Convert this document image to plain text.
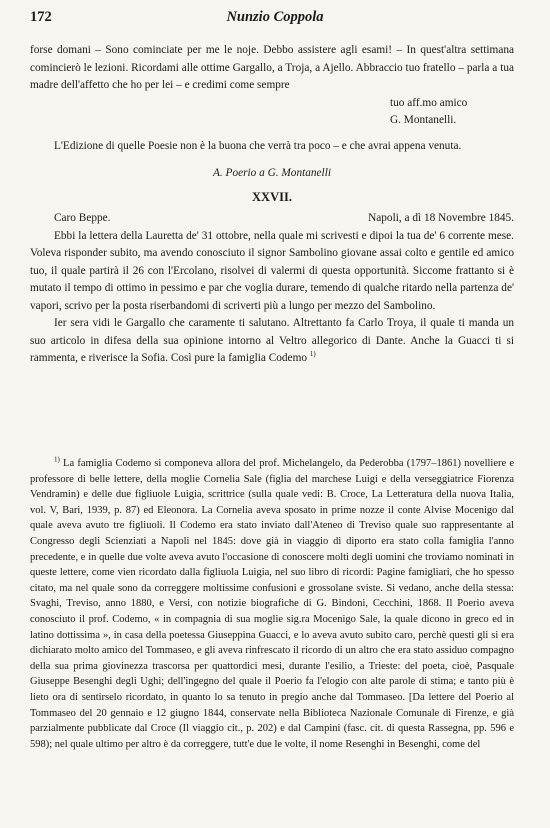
172	Nunzio Coppola

forse domani – Sono cominciate per me le noje. Debbo assistere agli esami! – In quest'altra settimana comincierò le lezioni. Ricordami alle ottime Gargallo, a Troja, a Ajello. Abbraccio tuo fratello – parla a tua madre dell'affetto che ho per lei – e credimi come sempre

tuo aff.mo amico

G. Montanelli.

L'Edizione di quelle Poesie non è la buona che verrà tra poco – e che avrai appena venuta.

A. Poerio a G. Montanelli

XXVII.

Caro Beppe.	Napoli, a dì 18 Novembre 1845.

Ebbi la lettera della Lauretta de' 31 ottobre, nella quale mi scrivesti e dipoi la tua de' 6 corrente mese. Voleva risponder subito, ma avendo conosciuto il signor Sambolino giovane assai colto e gentile ed amico tuo, il quale partirà il 26 con l'Ercolano, risolvei di valermi di questa opportunità. Siccome frattanto si è mutato il tempo di ottimo in pessimo e par che voglia durare, temendo di qualche ritardo nella partenza de' vapori, scrivo per la posta riserbandomi di scriverti più a lungo per mezzo del Sambolino.

Ier sera vidi le Gargallo che caramente ti salutano. Altrettanto fa Carlo Troya, il quale ti manda un suo articolo in difesa della sua opinione intorno al Veltro allegorico di Dante. Anche la Guacci ti si rammenta, e riverisce la Sofia. Così pure la famiglia Codemo $^{1)}$

$^{1)}$ La famiglia Codemo si componeva allora del prof. Michelangelo, da Pederobba (1797–1861) novelliere e professore di belle lettere, della moglie Cornelia Sale (figlia del marchese Luigi e della verseggiatrice Fiorenza Vendramin) e delle due figliuole Luigia, scrittrice (sulla quale vedi: B. Croce, La Letteratura della nuova Italia, vol. V, Bari, 1939, p. 87) ed Eleonora. La Cornelia aveva sposato in prime nozze il conte Alvise Mocenigo dal quale aveva avuto tre figliuoli. Il Codemo era stato inviato dall'Ateneo di Treviso quale suo rappresentante al Congresso degli Scienziati a Napoli nel 1845: dove già in viaggio di diporto era stato colla famiglia l'anno precedente, e in quelle due volte aveva avuto l'occasione di conoscere molti degli uomini che troviamo nominati in queste lettere, come vien ricordato dalla figliuola Luigia, nel suo libro di ricordi: Pagine famigliari, che ho spesso citato, ma nel quale sono da correggere moltissime confusioni e grossolane sviste. Si vedano, anche della stessa: Svaghi, Treviso, anno 1880, e Versi, con notizie biografiche di G. Bindoni, Cecchini, 1868. Il Poerio aveva conosciuto il prof. Codemo, « in compagnia di sua moglie sig.ra Mocenigo Sale, la quale dicono in greco ed in latino dottissima », in casa della poetessa Giuseppina Guacci, e lo aveva avuto subito caro, perchè questi gli si era dichiarato molto amico del Tommaseo, e gli aveva rinfrescato il ricordo di un altro che era stato assiduo compagno della sua prima giovinezza trascorsa per quattordici mesi, durante l'esilio, a Trieste: del poeta, cioè, Pasquale Giuseppe Besenghi degli Ughi; dell'ingegno del quale il Poerio fa l'elogio con alte parole di stima; e tanto più è lieto ora di sentirselo ricordato, in quanto lo sa tenuto in pregio anche dal Tommaseo. [Da lettere del Poerio al Tommaseo del 20 gennaio e 12 giugno 1844, conservate nella Biblioteca Nazionale Comunale di Firenze, e già parzialmente pubblicate dal Croce (Il viaggio cit., p. 202) e dal Campini (fasc. cit. di questa Rassegna, pp. 596 e 598); nel quale ultimo per altro è da correggere, tutt'e due le volte, il nome Resenghi in Besenghi, come del
